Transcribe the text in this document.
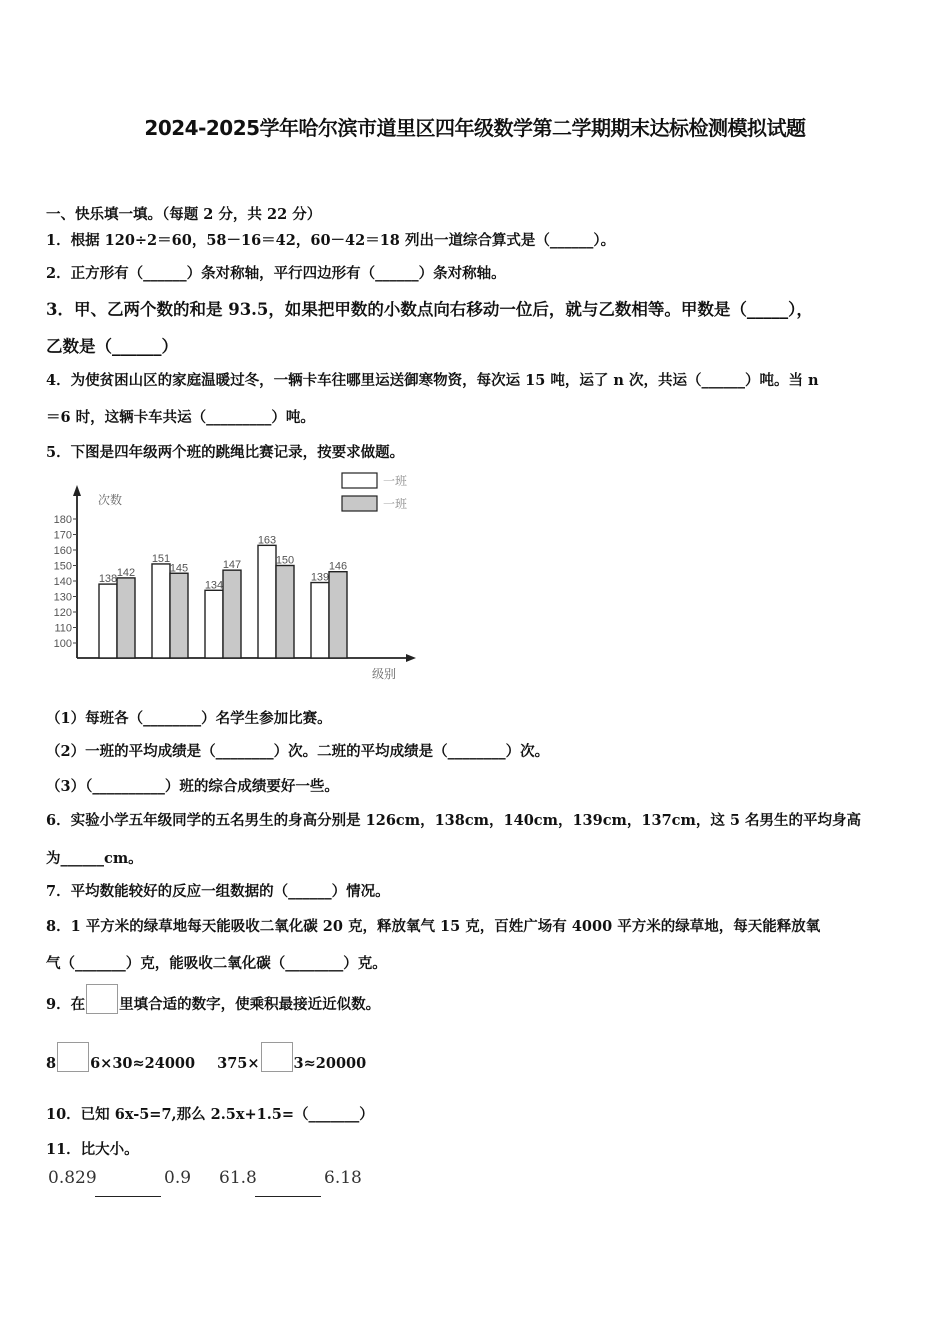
2024-2025学年哈尔滨市道里区四年级数学第二学期期末达标检测模拟试题
一、快乐填一填。（每题 2 分，共 22 分）
1．根据 120÷2＝60，58－16＝42，60－42＝18 列出一道综合算式是（______）。
2．正方形有（______）条对称轴，平行四边形有（______）条对称轴。
3．甲、乙两个数的和是 93.5，如果把甲数的小数点向右移动一位后，就与乙数相等。甲数是（_____），
乙数是（______）
4．为使贫困山区的家庭温暖过冬，一辆卡车往哪里运送御寒物资，每次运 15 吨，运了 n 次，共运（______）吨。当 n
＝6 时，这辆卡车共运（_________）吨。
5．下图是四年级两个班的跳绳比赛记录，按要求做题。
次数
级别
100
110
120
130
140
150
160
170
180
138
151
134
163
139
142	145	147	150
146
一班
一班
（1）每班各（________）名学生参加比赛。
（2）一班的平均成绩是（________）次。二班的平均成绩是（________）次。
（3）（__________）班的综合成绩要好一些。
6．实验小学五年级同学的五名男生的身高分别是 126cm，138cm，140cm，139cm，137cm，这 5 名男生的平均身高
为______cm。
7．平均数能较好的反应一组数据的（______）情况。
8．1 平方米的绿草地每天能吸收二氧化碳 20 克，释放氧气 15 克，百姓广场有 4000 平方米的绿草地，每天能释放氧
气（_______）克，能吸收二氧化碳（________）克。
9．在 里填合适的数字，使乘积最接近近似数。
8 6×30≈24000 375× 3≈20000
10．已知 6x-5=7,那么 2.5x+1.5=（_______）
11．比大小。
0.829	0.9 61.8	6.18
